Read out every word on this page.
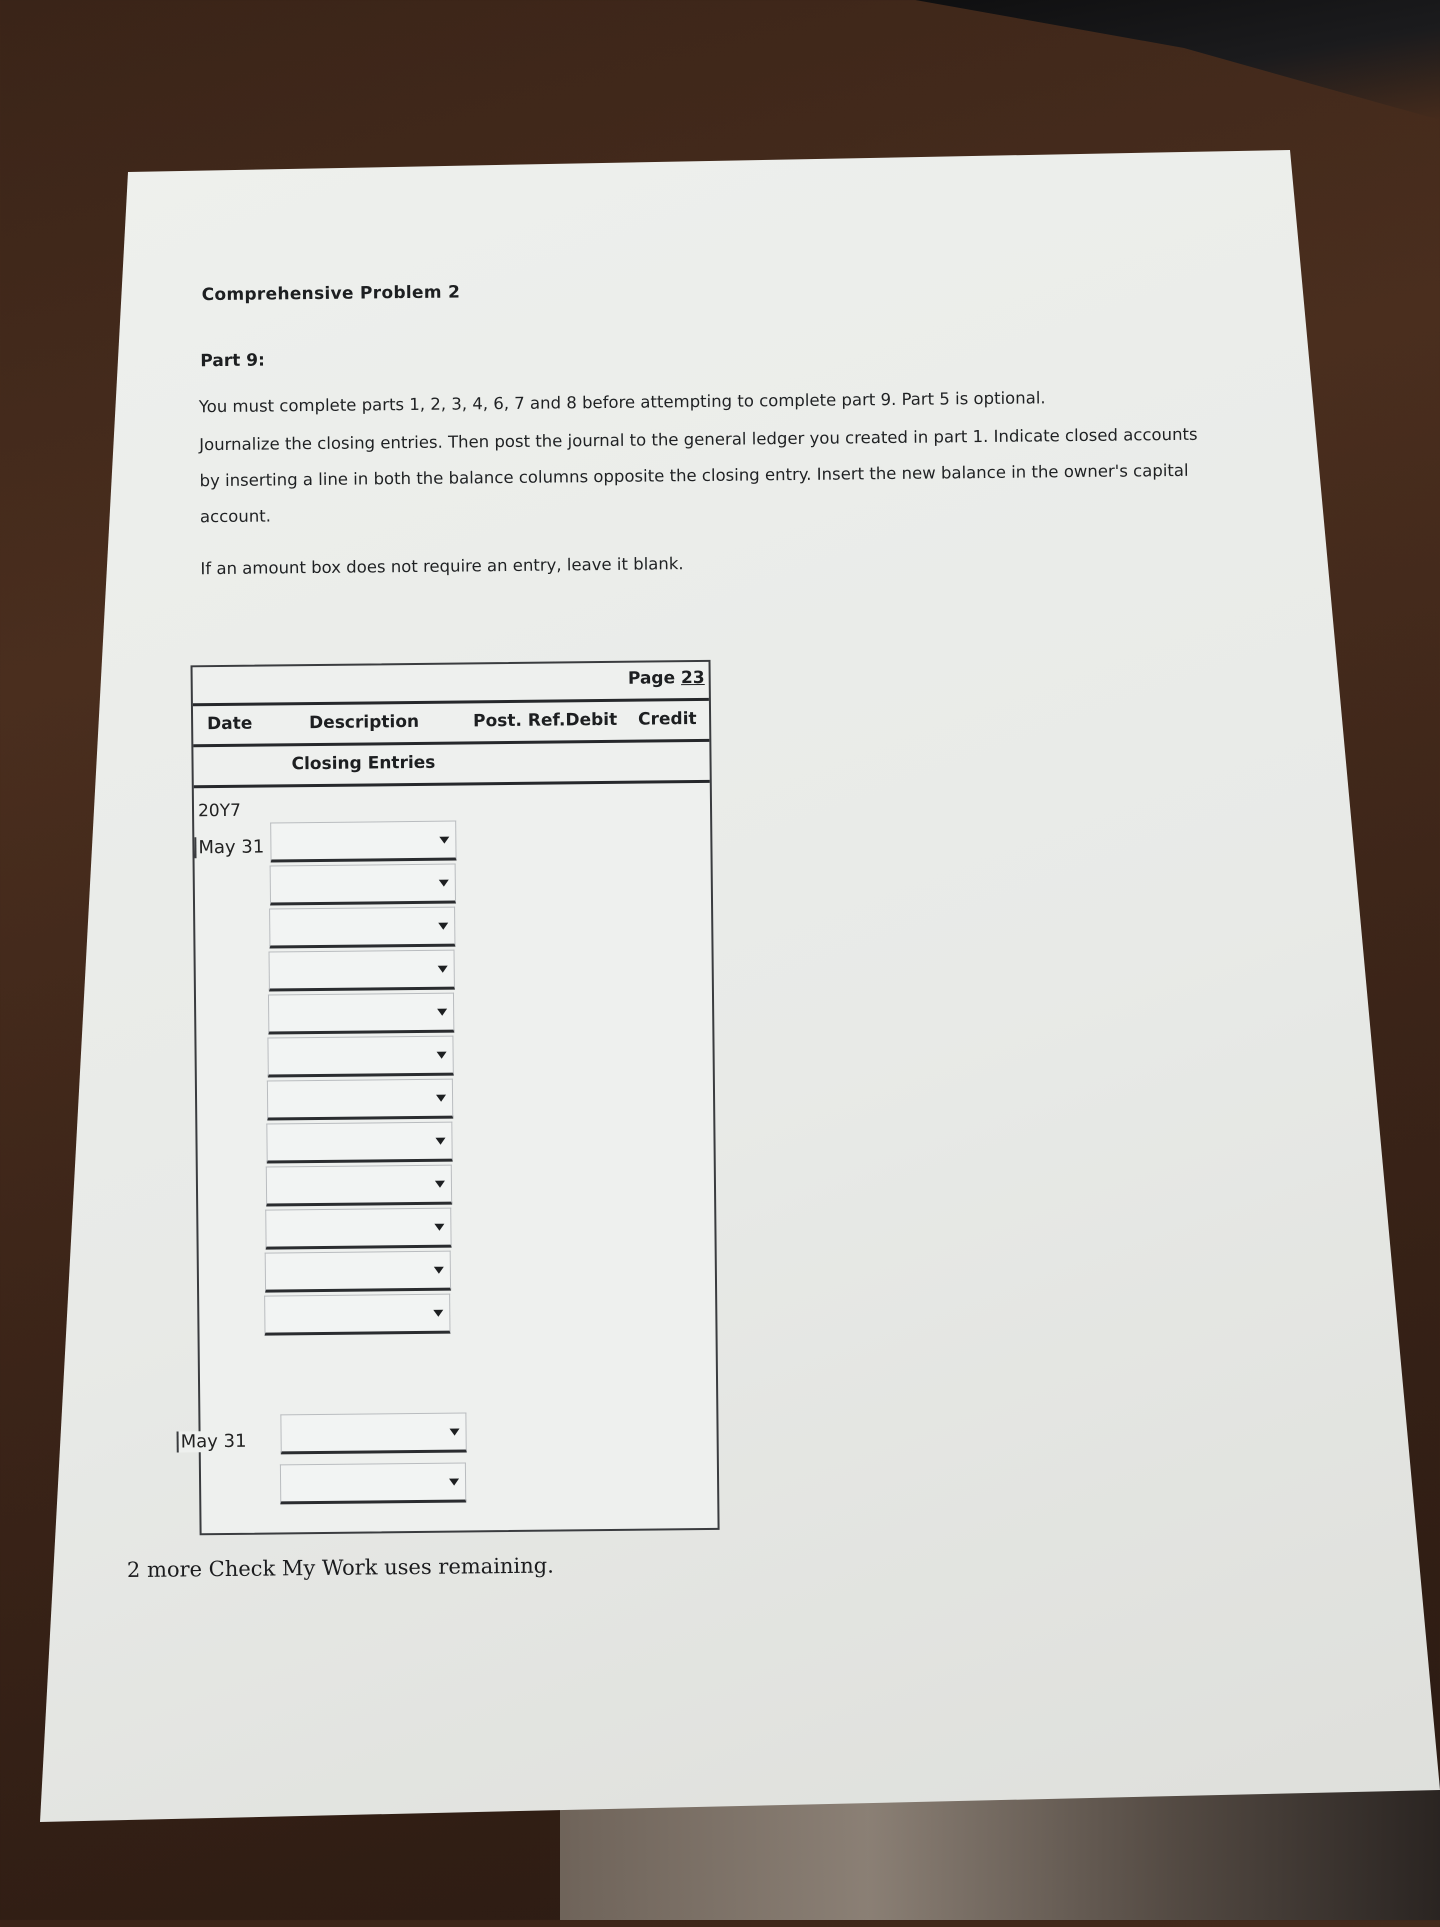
Comprehensive Problem 2
Part 9:
You must complete parts 1, 2, 3, 4, 6, 7 and 8 before attempting to complete part 9. Part 5 is optional.
Journalize the closing entries. Then post the journal to the general ledger you created in part 1. Indicate closed accounts by inserting a line in both the balance columns opposite the closing entry. Insert the new balance in the owner's capital account.
If an amount box does not require an entry, leave it blank.
Page 23
Date	Description	Post. Ref.Debit Credit
Closing Entries
20Y7
May 31
May 31
2 more Check My Work uses remaining.
